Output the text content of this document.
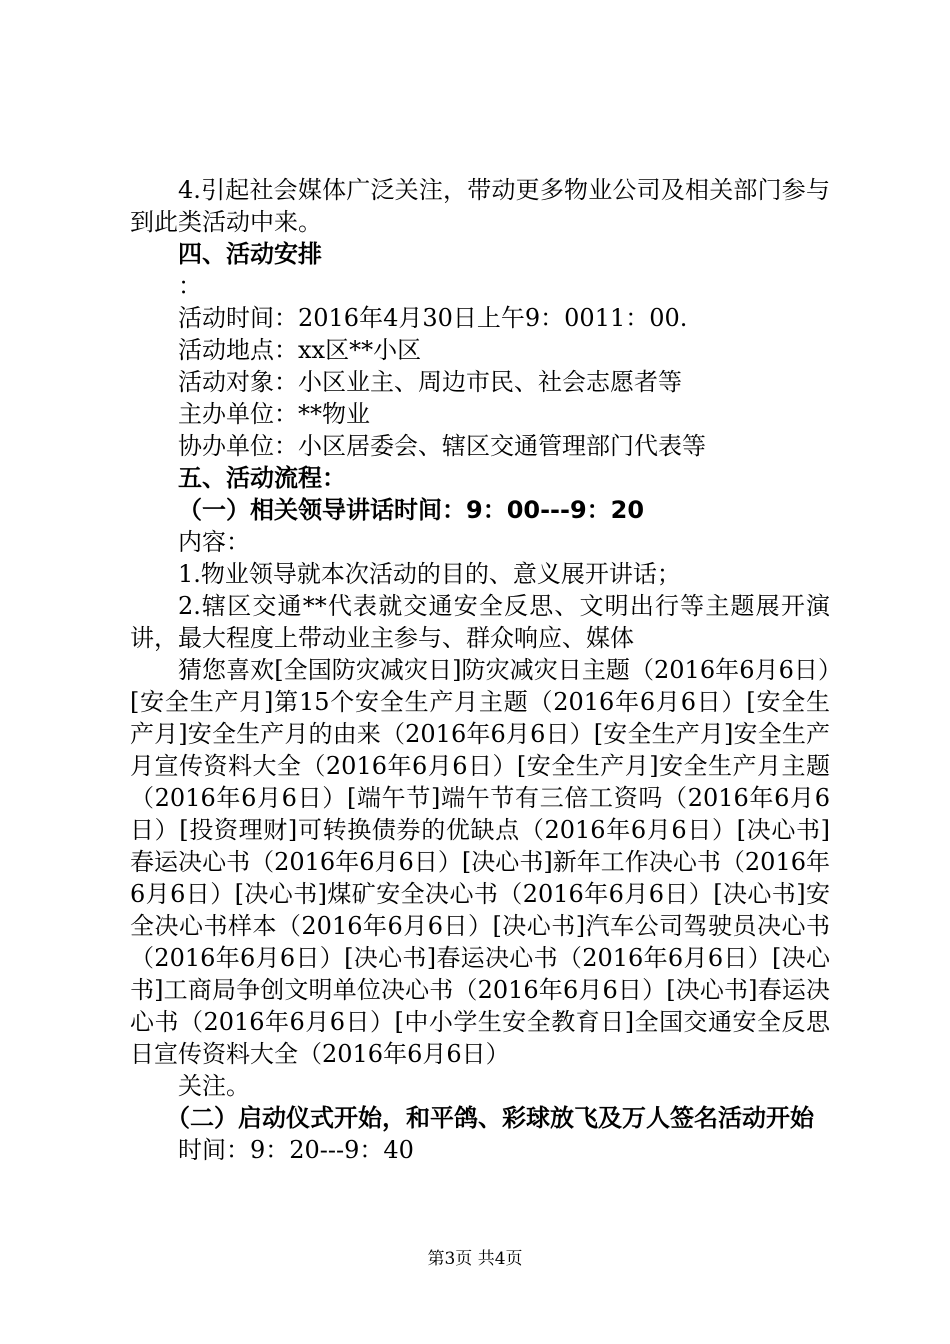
4.引起社会媒体广泛关注，带动更多物业公司及相关部门参与到此类活动中来。

四、活动安排

：

活动时间：2016年4月30日上午9：0011：00.

活动地点：xx区**小区

活动对象：小区业主、周边市民、社会志愿者等

主办单位：**物业

协办单位：小区居委会、辖区交通管理部门代表等

五、活动流程：

（一）相关领导讲话时间：9：00---9：20

内容：

1.物业领导就本次活动的目的、意义展开讲话；

2.辖区交通**代表就交通安全反思、文明出行等主题展开演讲，最大程度上带动业主参与、群众响应、媒体

猜您喜欢[全国防灾减灾日]防灾减灾日主题（2016年6月6日）[安全生产月]第15个安全生产月主题（2016年6月6日）[安全生产月]安全生产月的由来（2016年6月6日）[安全生产月]安全生产月宣传资料大全（2016年6月6日）[安全生产月]安全生产月主题（2016年6月6日）[端午节]端午节有三倍工资吗（2016年6月6日）[投资理财]可转换债券的优缺点（2016年6月6日）[决心书]春运决心书（2016年6月6日）[决心书]新年工作决心书（2016年6月6日）[决心书]煤矿安全决心书（2016年6月6日）[决心书]安全决心书样本（2016年6月6日）[决心书]汽车公司驾驶员决心书（2016年6月6日）[决心书]春运决心书（2016年6月6日）[决心书]工商局争创文明单位决心书（2016年6月6日）[决心书]春运决心书（2016年6月6日）[中小学生安全教育日]全国交通安全反思日宣传资料大全（2016年6月6日）

关注。

（二）启动仪式开始，和平鸽、彩球放飞及万人签名活动开始

时间：9：20---9：40

第3页 共4页
